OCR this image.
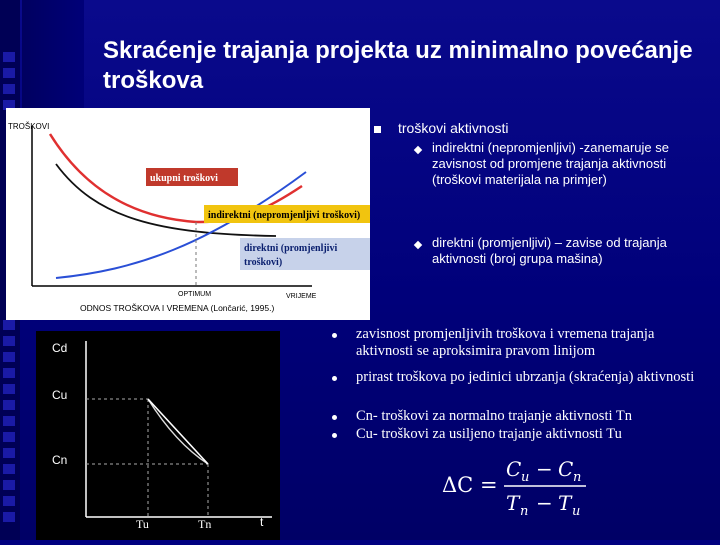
Skraćenje trajanja projekta uz minimalno povećanje troškova
TROŠKOVI
ukupni troškovi
indirektni (nepromjenljivi troškovi)
direktni (promjenljivi
troškovi)
OPTIMUM	VRIJEME
ODNOS TROŠKOVA I VREMENA (Lončarić, 1995.)
Cd
Cu
Cn
Tu	Tn	t
troškovi aktivnosti
indirektni (nepromjenljivi) -zanemaruje se zavisnost od promjene trajanja aktivnosti (troškovi materijala na primjer)
direktni (promjenljivi) – zavise od trajanja aktivnosti (broj grupa mašina)
zavisnost promjenljivih troškova i vremena trajanja aktivnosti se aproksimira pravom linijom
prirast troškova po jedinici ubrzanja (skraćenja) aktivnosti
Cn- troškovi za normalno trajanje aktivnosti Tn
Cu- troškovi za usiljeno trajanje aktivnosti Tu
ΔC =
C u − C n
T n − T u
